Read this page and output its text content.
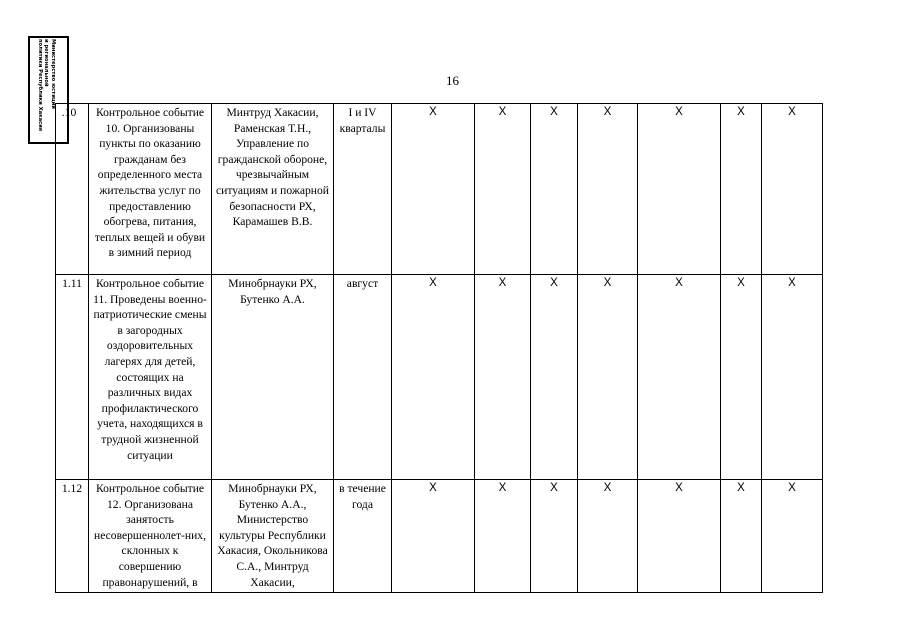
Министерство юстиции
и региональной
политики Республики Хакасия
16
.10	Контрольное событие
10. Организованы пункты по оказанию гражданам без определенного места жительства услуг по предоставлению обогрева, питания, теплых вещей и обуви в зимний период	Минтруд Хакасии, Раменская Т.Н., Управление по гражданской обороне, чрезвычайным ситуациям и пожарной безопасности РХ, Карамашев В.В.	I и IV кварталы	X	X	X	X	X	X	X
1.11	Контрольное событие
11. Проведены военно-патриотические смены в загородных оздоровительных лагерях для детей, состоящих на различных видах профилактического учета, находящихся в трудной жизненной ситуации	Минобрнауки РХ, Бутенко А.А.	август	X	X	X	X	X	X	X
1.12	Контрольное событие
12. Организована занятость несовершеннолет-них, склонных к совершению правонарушений, в	Минобрнауки РХ, Бутенко А.А., Министерство культуры Республики Хакасия, Окольникова С.А., Минтруд Хакасии,	в течение года	X	X	X	X	X	X	X
